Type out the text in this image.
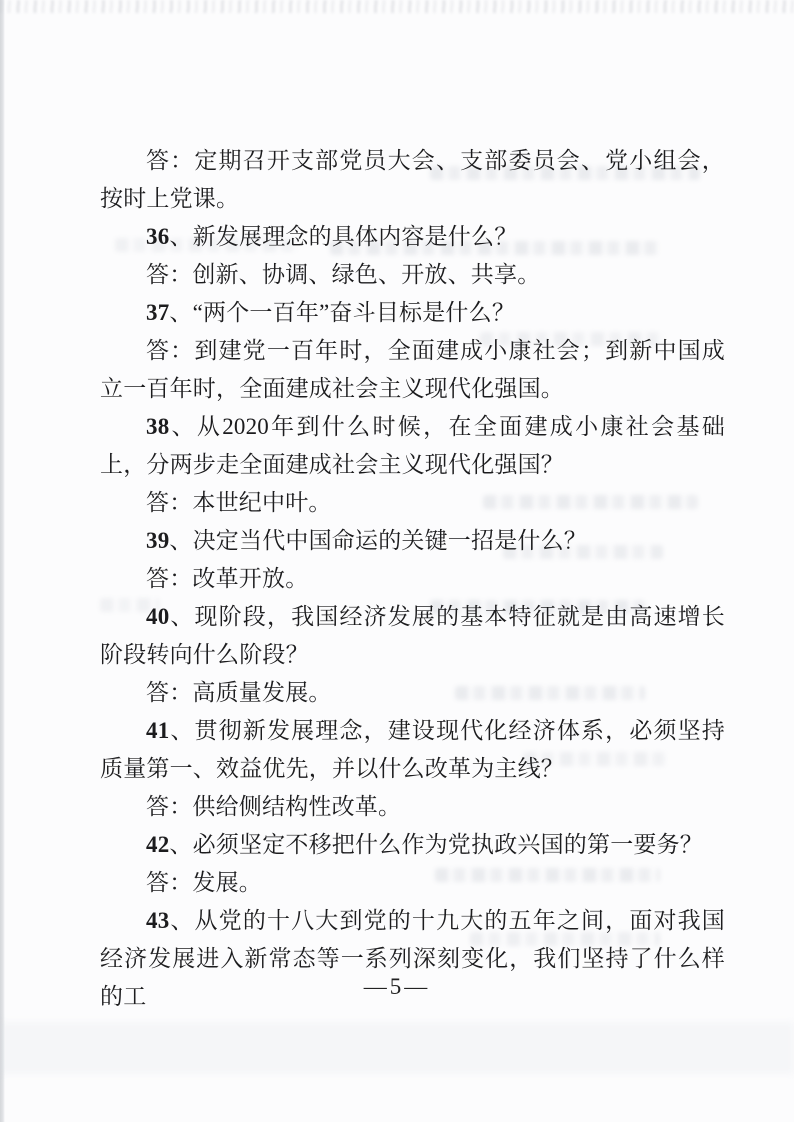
答：定期召开支部党员大会、支部委员会、党小组会，按时上党课。

36、新发展理念的具体内容是什么？

答：创新、协调、绿色、开放、共享。

37、“两个一百年”奋斗目标是什么？

答：到建党一百年时，全面建成小康社会；到新中国成立一百年时，全面建成社会主义现代化强国。

38、从2020年到什么时候，在全面建成小康社会基础上，分两步走全面建成社会主义现代化强国？

答：本世纪中叶。

39、决定当代中国命运的关键一招是什么？

答：改革开放。

40、现阶段，我国经济发展的基本特征就是由高速增长阶段转向什么阶段？

答：高质量发展。

41、贯彻新发展理念，建设现代化经济体系，必须坚持质量第一、效益优先，并以什么改革为主线？

答：供给侧结构性改革。

42、必须坚定不移把什么作为党执政兴国的第一要务？

答：发展。

43、从党的十八大到党的十九大的五年之间，面对我国经济发展进入新常态等一系列深刻变化，我们坚持了什么样的工	—5—
